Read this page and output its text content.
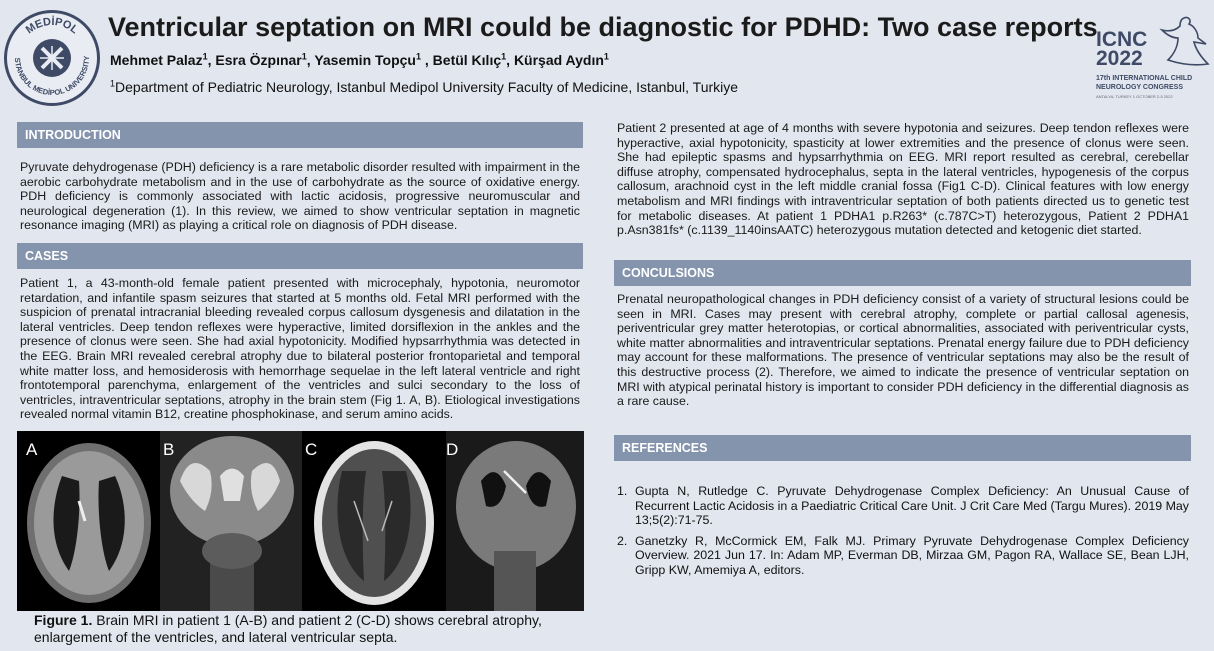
MEDİPOL
STANBUL MEDİPOL UNIVERSITY
Ventricular septation on MRI could be diagnostic for PDHD: Two case reports
Mehmet Palaz$^1$, Esra Özpınar$^1$, Yasemin Topçu$^1$ , Betül Kılıç$^1$, Kürşad Aydın$^1$
$^1$Department of Pediatric Neurology, Istanbul Medipol University Faculty of Medicine, Istanbul, Turkiye
ICNC
2022
17th INTERNATIONAL CHILD NEUROLOGY CONGRESS
ANTALYA, TURKEY 1 OCTOBER 2-5 2022
INTRODUCTION
Pyruvate dehydrogenase (PDH) deficiency is a rare metabolic disorder resulted with impairment in the aerobic carbohydrate metabolism and in the use of carbohydrate as the source of oxidative energy. PDH deficiency is commonly associated with lactic acidosis, progressive neuromuscular and neurological degeneration (1). In this review, we aimed to show ventricular septation in magnetic resonance imaging (MRI) as playing a critical role on diagnosis of PDH disease.
CASES
Patient 1, a 43-month-old female patient presented with microcephaly, hypotonia, neuromotor retardation, and infantile spasm seizures that started at 5 months old. Fetal MRI performed with the suspicion of prenatal intracranial bleeding revealed corpus callosum dysgenesis and dilatation in the lateral ventricles. Deep tendon reflexes were hyperactive, limited dorsiflexion in the ankles and the presence of clonus were seen. She had axial hypotonicity. Modified hypsarrhythmia was detected in the EEG. Brain MRI revealed cerebral atrophy due to bilateral posterior frontoparietal and temporal white matter loss, and hemosiderosis with hemorrhage sequelae in the left lateral ventricle and right frontotemporal parenchyma, enlargement of the ventricles and sulci secondary to the loss of ventricles, intraventricular septations, atrophy in the brain stem (Fig 1. A, B). Etiological investigations revealed normal vitamin B12, creatine phosphokinase, and serum amino acids.
A	B	C	D
Figure 1. Brain MRI in patient 1 (A-B) and patient 2 (C-D) shows cerebral atrophy, enlargement of the ventricles, and lateral ventricular septa.
Patient 2 presented at age of 4 months with severe hypotonia and seizures. Deep tendon reflexes were hyperactive, axial hypotonicity, spasticity at lower extremities and the presence of clonus were seen. She had epileptic spasms and hypsarrhythmia on EEG. MRI report resulted as cerebral, cerebellar diffuse atrophy, compensated hydrocephalus, septa in the lateral ventricles, hypogenesis of the corpus callosum, arachnoid cyst in the left middle cranial fossa (Fig1 C-D). Clinical features with low energy metabolism and MRI findings with intraventricular septation of both patients directed us to genetic test for metabolic diseases. At patient 1 PDHA1 p.R263* (c.787C>T) heterozygous, Patient 2 PDHA1 p.Asn381fs* (c.1139_1140insAATC) heterozygous mutation detected and ketogenic diet started.
CONCULSIONS
Prenatal neuropathological changes in PDH deficiency consist of a variety of structural lesions could be seen in MRI. Cases may present with cerebral atrophy, complete or partial callosal agenesis, periventricular grey matter heterotopias, or cortical abnormalities, associated with periventricular cysts, white matter abnormalities and intraventricular septations. Prenatal energy failure due to PDH deficiency may account for these malformations. The presence of ventricular septations may also be the result of this destructive process (2). Therefore, we aimed to indicate the presence of ventricular septation on MRI with atypical perinatal history is important to consider PDH deficiency in the differential diagnosis as a rare cause.
REFERENCES
1. Gupta N, Rutledge C. Pyruvate Dehydrogenase Complex Deficiency: An Unusual Cause of Recurrent Lactic Acidosis in a Paediatric Critical Care Unit. J Crit Care Med (Targu Mures). 2019 May 13;5(2):71-75.
2. Ganetzky R, McCormick EM, Falk MJ. Primary Pyruvate Dehydrogenase Complex Deficiency Overview. 2021 Jun 17. In: Adam MP, Everman DB, Mirzaa GM, Pagon RA, Wallace SE, Bean LJH, Gripp KW, Amemiya A, editors.
